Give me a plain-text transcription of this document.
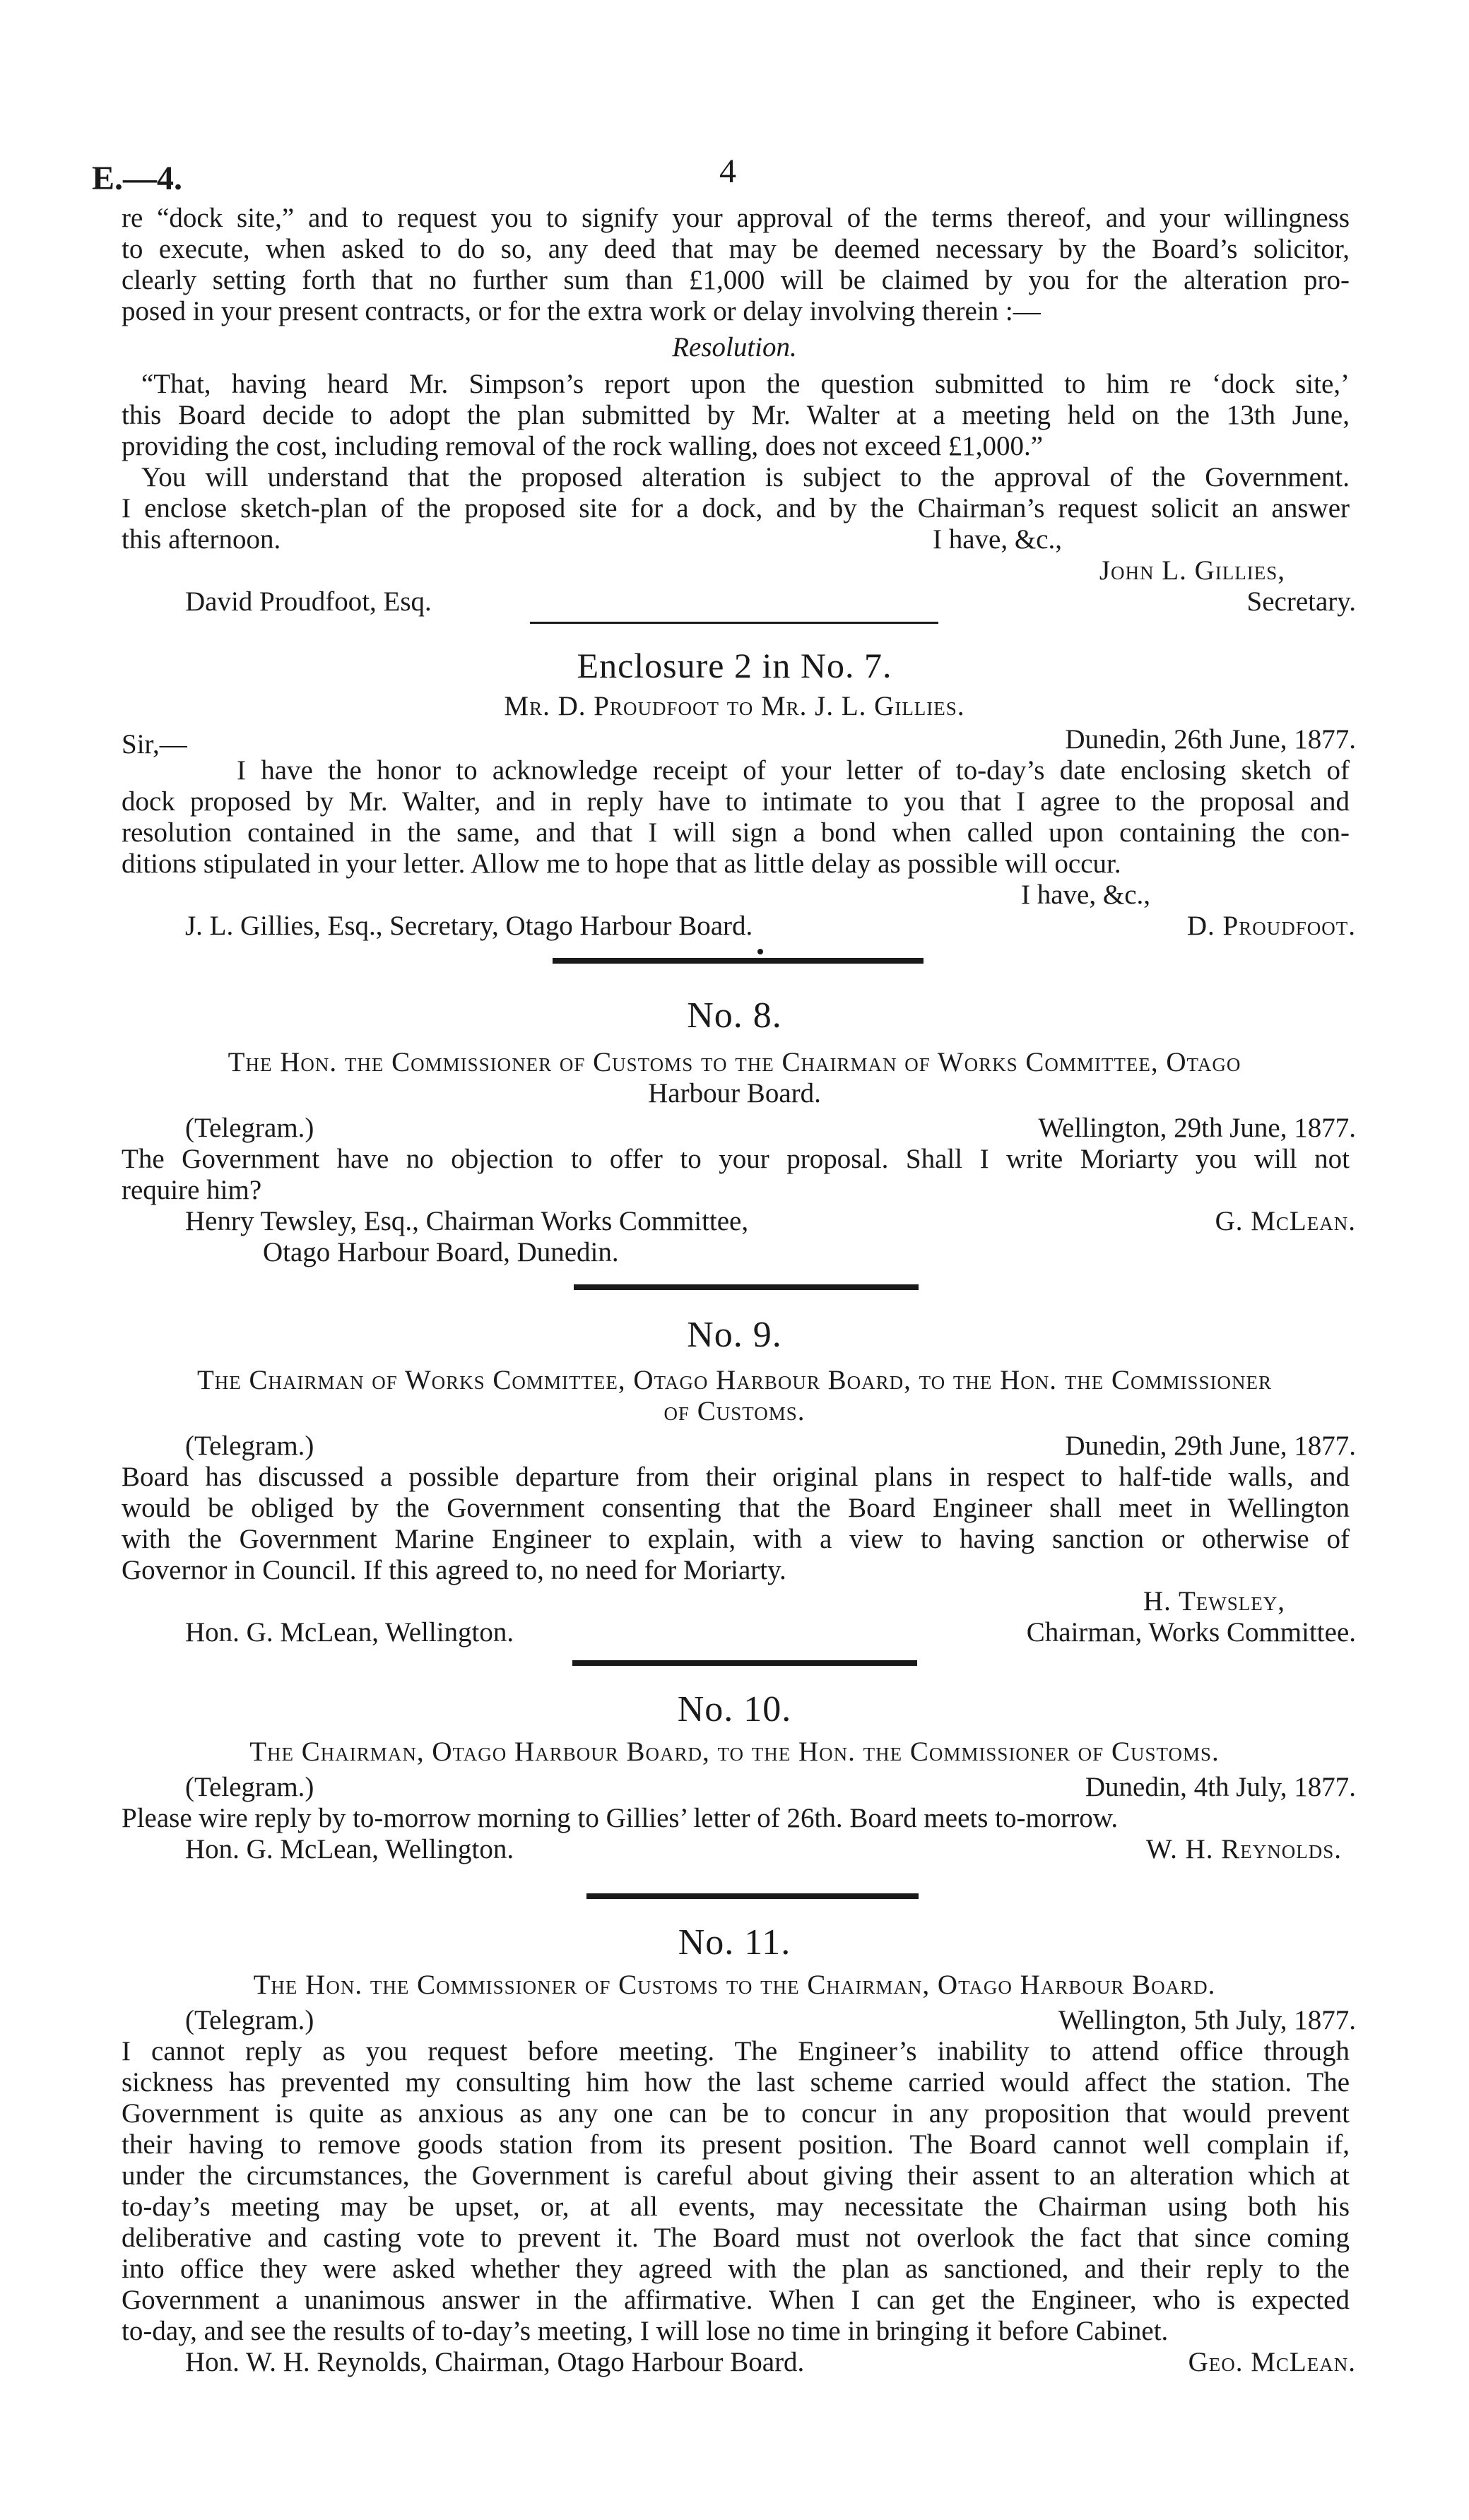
E.—4.	4
re “dock site,” and to request you to signify your approval of the terms thereof, and your willingness
to execute, when asked to do so, any deed that may be deemed necessary by the Board’s solicitor,
clearly setting forth that no further sum than £1,000 will be claimed by you for the alteration pro-
posed in your present contracts, or for the extra work or delay involving therein :—
Resolution.
“That, having heard Mr. Simpson’s report upon the question submitted to him re ‘dock site,’
this Board decide to adopt the plan submitted by Mr. Walter at a meeting held on the 13th June,
providing the cost, including removal of the rock walling, does not exceed £1,000.”
You will understand that the proposed alteration is subject to the approval of the Government.
I enclose sketch-plan of the proposed site for a dock, and by the Chairman’s request solicit an answer
this afternoon.	I have, &c.,
John L. Gillies,
David Proudfoot, Esq.	Secretary.
Enclosure 2 in No. 7.
Mr. D. Proudfoot to Mr. J. L. Gillies.
Sir,—	Dunedin, 26th June, 1877.
I have the honor to acknowledge receipt of your letter of to-day’s date enclosing sketch of
dock proposed by Mr. Walter, and in reply have to intimate to you that I agree to the proposal and
resolution contained in the same, and that I will sign a bond when called upon containing the con-
ditions stipulated in your letter. Allow me to hope that as little delay as possible will occur.
I have, &c.,
J. L. Gillies, Esq., Secretary, Otago Harbour Board.	D. Proudfoot.
No. 8.
The Hon. the Commissioner of Customs to the Chairman of Works Committee, Otago
Harbour Board.
(Telegram.)	Wellington, 29th June, 1877.
The Government have no objection to offer to your proposal. Shall I write Moriarty you will not
require him?
Henry Tewsley, Esq., Chairman Works Committee,	G. McLean.
Otago Harbour Board, Dunedin.
No. 9.
The Chairman of Works Committee, Otago Harbour Board, to the Hon. the Commissioner
of Customs.
(Telegram.)	Dunedin, 29th June, 1877.
Board has discussed a possible departure from their original plans in respect to half-tide walls, and
would be obliged by the Government consenting that the Board Engineer shall meet in Wellington
with the Government Marine Engineer to explain, with a view to having sanction or otherwise of
Governor in Council. If this agreed to, no need for Moriarty.
H. Tewsley,
Hon. G. McLean, Wellington.	Chairman, Works Committee.
No. 10.
The Chairman, Otago Harbour Board, to the Hon. the Commissioner of Customs.
(Telegram.)	Dunedin, 4th July, 1877.
Please wire reply by to-morrow morning to Gillies’ letter of 26th. Board meets to-morrow.
Hon. G. McLean, Wellington.	W. H. Reynolds.
No. 11.
The Hon. the Commissioner of Customs to the Chairman, Otago Harbour Board.
(Telegram.)	Wellington, 5th July, 1877.
I cannot reply as you request before meeting. The Engineer’s inability to attend office through
sickness has prevented my consulting him how the last scheme carried would affect the station. The
Government is quite as anxious as any one can be to concur in any proposition that would prevent
their having to remove goods station from its present position. The Board cannot well complain if,
under the circumstances, the Government is careful about giving their assent to an alteration which at
to-day’s meeting may be upset, or, at all events, may necessitate the Chairman using both his
deliberative and casting vote to prevent it. The Board must not overlook the fact that since coming
into office they were asked whether they agreed with the plan as sanctioned, and their reply to the
Government a unanimous answer in the affirmative. When I can get the Engineer, who is expected
to-day, and see the results of to-day’s meeting, I will lose no time in bringing it before Cabinet.
Hon. W. H. Reynolds, Chairman, Otago Harbour Board.	Geo. McLean.
